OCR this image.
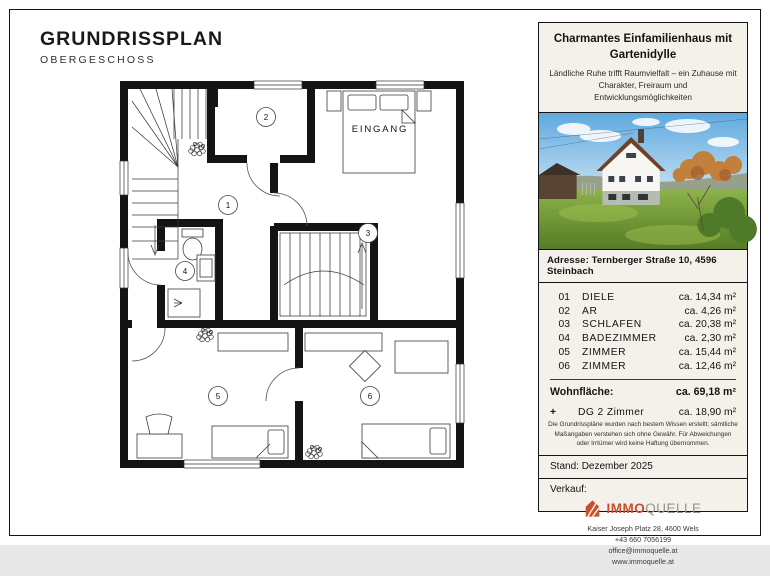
GRUNDRISSPLAN
OBERGESCHOSS
1
2
3
4
5	6
EINGANG
Charmantes Einfamilienhaus mit Gartenidylle
Ländliche Ruhe trifft Raumvielfalt – ein Zuhause mit Charakter, Freiraum und Entwicklungsmöglichkeiten
Adresse: Ternberger Straße 10, 4596 Steinbach
01 DIELE	ca. 14,34 m²
02 AR	ca. 4,26 m²
03 SCHLAFEN	ca. 20,38 m²
04 BADEZIMMER	ca. 2,30 m²
05 ZIMMER	ca. 15,44 m²
06 ZIMMER	ca. 12,46 m²
Wohnfläche:	ca. 69,18 m²
+	DG 2 Zimmer	ca. 18,90 m²
Die Grundrisspläne wurden nach bestem Wissen erstellt; sämtliche Maßangaben verstehen sich ohne Gewähr. Für Abweichungen oder Irrtümer wird keine Haftung übernommen.
Stand: Dezember 2025
Verkauf:
IMMOQUELLE
Kaiser Joseph Platz 28, 4600 Wels
+43 660 7056199
office@immoquelle.at
www.immoquelle.at
